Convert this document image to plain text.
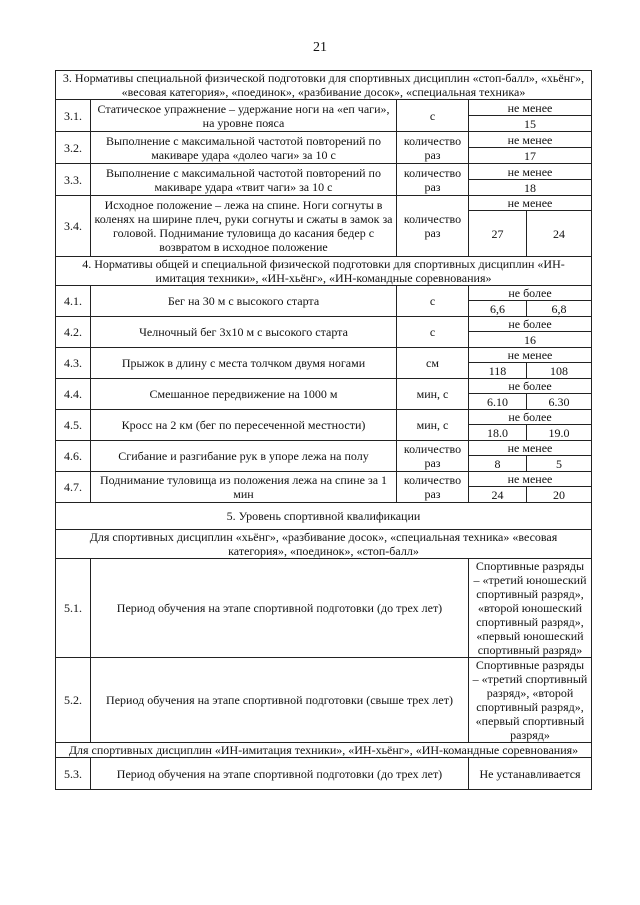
21
3. Нормативы специальной физической подготовки для спортивных дисциплин «стоп-балл», «хьёнг», «весовая категория», «поединок», «разбивание досок», «специальная техника»				
3.1.	Статическое упражнение – удержание ноги на «еп чаги», на уровне пояса	с	не менее	
			15	
3.2.	Выполнение с максимальной частотой повторений по макиваре удара «долео чаги» за 10 с	количество раз	не менее	
			17	
3.3.	Выполнение с максимальной частотой повторений по макиваре удара «твит чаги» за 10 с	количество раз	не менее	
			18	
3.4.	Исходное положение – лежа на спине. Ноги согнуты в коленях на ширине плеч, руки согнуты и сжаты в замок за головой. Поднимание туловища до касания бедер с возвратом в исходное положение	количество раз	не менее	
			27	24
4. Нормативы общей и специальной физической подготовки для спортивных дисциплин «ИН-имитация техники», «ИН-хьёнг», «ИН-командные соревнования»				
4.1.	Бег на 30 м с высокого старта	с	не более	
			6,6	6,8
4.2.	Челночный бег 3х10 м с высокого старта	с	не более	
			16	
4.3.	Прыжок в длину с места толчком двумя ногами	см	не менее	
			118	108
4.4.	Смешанное передвижение на 1000 м	мин, с	не более	
			6.10	6.30
4.5.	Кросс на 2 км (бег по пересеченной местности)	мин, с	не более	
			18.0	19.0
4.6.	Сгибание и разгибание рук в упоре лежа на полу	количество раз	не менее	
			8	5
4.7.	Поднимание туловища из положения лежа на спине за 1 мин	количество раз	не менее	
			24	20
5. Уровень спортивной квалификации				
Для спортивных дисциплин «хьёнг», «разбивание досок», «специальная техника» «весовая категория», «поединок», «стоп-балл»				
5.1.	Период обучения на этапе спортивной подготовки (до трех лет)		Спортивные разряды – «третий юношеский спортивный разряд», «второй юношеский спортивный разряд», «первый юношеский спортивный разряд»	
5.2.	Период обучения на этапе спортивной подготовки (свыше трех лет)		Спортивные разряды – «третий спортивный разряд», «второй спортивный разряд», «первый спортивный разряд»	
Для спортивных дисциплин «ИН-имитация техники», «ИН-хьёнг», «ИН-командные соревнования»				
5.3.	Период обучения на этапе спортивной подготовки (до трех лет)		Не устанавливается	
